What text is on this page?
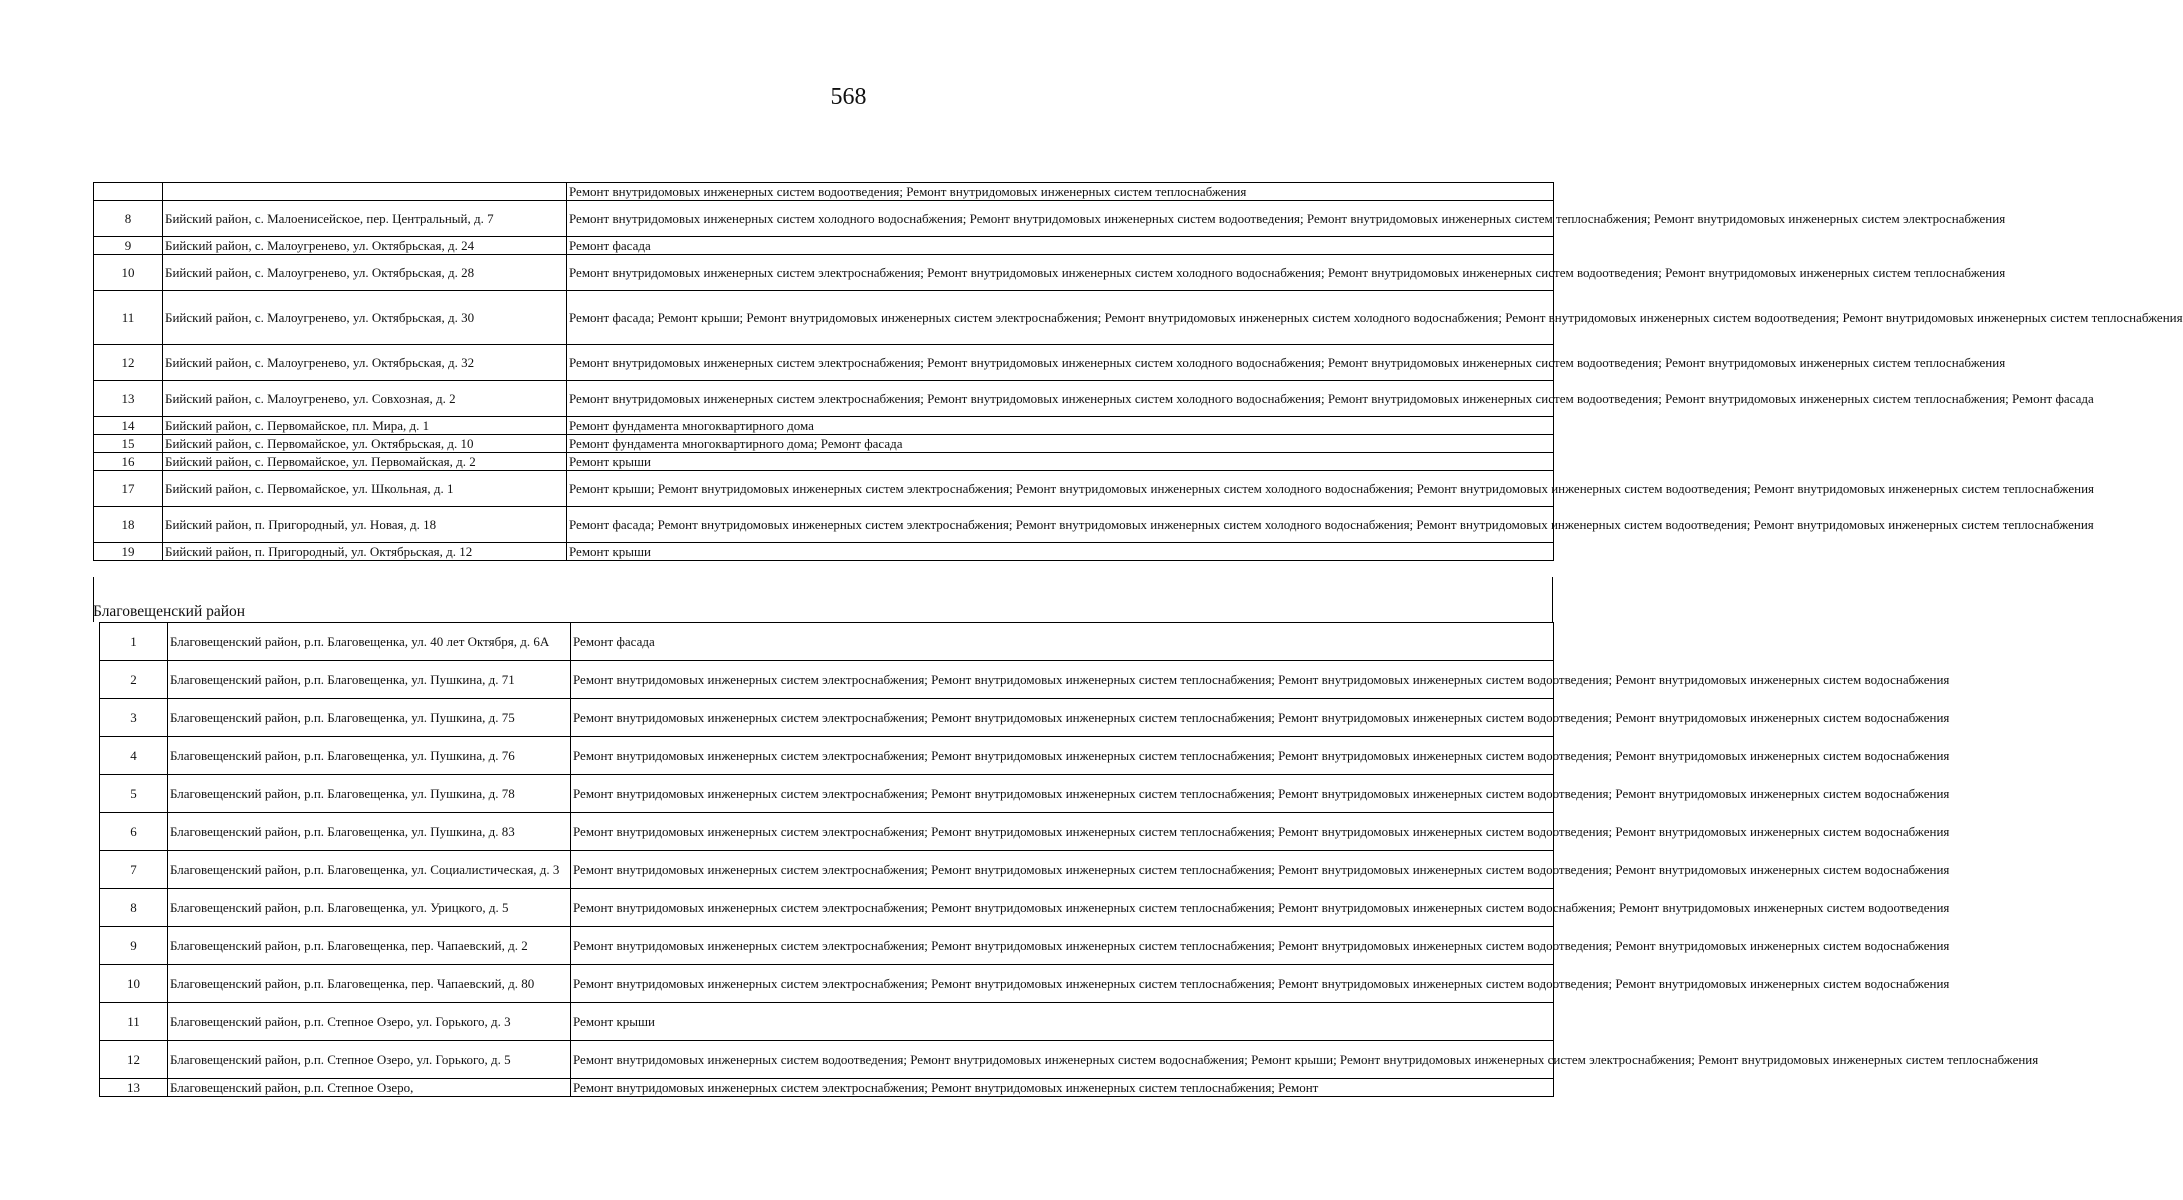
568
		Ремонт внутридомовых инженерных систем водоотведения; Ремонт внутридомовых инженерных систем теплоснабжения
8	Бийский район, с. Малоенисейское, пер. Центральный, д. 7	Ремонт внутридомовых инженерных систем холодного водоснабжения; Ремонт внутридомовых инженерных систем водоотведения; Ремонт внутридомовых инженерных систем теплоснабжения; Ремонт внутридомовых инженерных систем электроснабжения
9	Бийский район, с. Малоугренево, ул. Октябрьская, д. 24	Ремонт фасада
10	Бийский район, с. Малоугренево, ул. Октябрьская, д. 28	Ремонт внутридомовых инженерных систем электроснабжения; Ремонт внутридомовых инженерных систем холодного водоснабжения; Ремонт внутридомовых инженерных систем водоотведения; Ремонт внутридомовых инженерных систем теплоснабжения
11	Бийский район, с. Малоугренево, ул. Октябрьская, д. 30	Ремонт фасада; Ремонт крыши; Ремонт внутридомовых инженерных систем электроснабжения; Ремонт внутридомовых инженерных систем холодного водоснабжения; Ремонт внутридомовых инженерных систем водоотведения; Ремонт внутридомовых инженерных систем теплоснабжения
12	Бийский район, с. Малоугренево, ул. Октябрьская, д. 32	Ремонт внутридомовых инженерных систем электроснабжения; Ремонт внутридомовых инженерных систем холодного водоснабжения; Ремонт внутридомовых инженерных систем водоотведения; Ремонт внутридомовых инженерных систем теплоснабжения
13	Бийский район, с. Малоугренево, ул. Совхозная, д. 2	Ремонт внутридомовых инженерных систем электроснабжения; Ремонт внутридомовых инженерных систем холодного водоснабжения; Ремонт внутридомовых инженерных систем водоотведения; Ремонт внутридомовых инженерных систем теплоснабжения; Ремонт фасада
14	Бийский район, с. Первомайское, пл. Мира, д. 1	Ремонт фундамента многоквартирного дома
15	Бийский район, с. Первомайское, ул. Октябрьская, д. 10	Ремонт фундамента многоквартирного дома; Ремонт фасада
16	Бийский район, с. Первомайское, ул. Первомайская, д. 2	Ремонт крыши
17	Бийский район, с. Первомайское, ул. Школьная, д. 1	Ремонт крыши; Ремонт внутридомовых инженерных систем электроснабжения; Ремонт внутридомовых инженерных систем холодного водоснабжения; Ремонт внутридомовых инженерных систем водоотведения; Ремонт внутридомовых инженерных систем теплоснабжения
18	Бийский район, п. Пригородный, ул. Новая, д. 18	Ремонт фасада; Ремонт внутридомовых инженерных систем электроснабжения; Ремонт внутридомовых инженерных систем холодного водоснабжения; Ремонт внутридомовых инженерных систем водоотведения; Ремонт внутридомовых инженерных систем теплоснабжения
19	Бийский район, п. Пригородный, ул. Октябрьская, д. 12	Ремонт крыши
Благовещенский район
1	Благовещенский район, р.п. Благовещенка, ул. 40 лет Октября, д. 6А	Ремонт фасада
2	Благовещенский район, р.п. Благовещенка, ул. Пушкина, д. 71	Ремонт внутридомовых инженерных систем электроснабжения; Ремонт внутридомовых инженерных систем теплоснабжения; Ремонт внутридомовых инженерных систем водоотведения; Ремонт внутридомовых инженерных систем водоснабжения
3	Благовещенский район, р.п. Благовещенка, ул. Пушкина, д. 75	Ремонт внутридомовых инженерных систем электроснабжения; Ремонт внутридомовых инженерных систем теплоснабжения; Ремонт внутридомовых инженерных систем водоотведения; Ремонт внутридомовых инженерных систем водоснабжения
4	Благовещенский район, р.п. Благовещенка, ул. Пушкина, д. 76	Ремонт внутридомовых инженерных систем электроснабжения; Ремонт внутридомовых инженерных систем теплоснабжения; Ремонт внутридомовых инженерных систем водоотведения; Ремонт внутридомовых инженерных систем водоснабжения
5	Благовещенский район, р.п. Благовещенка, ул. Пушкина, д. 78	Ремонт внутридомовых инженерных систем электроснабжения; Ремонт внутридомовых инженерных систем теплоснабжения; Ремонт внутридомовых инженерных систем водоотведения; Ремонт внутридомовых инженерных систем водоснабжения
6	Благовещенский район, р.п. Благовещенка, ул. Пушкина, д. 83	Ремонт внутридомовых инженерных систем электроснабжения; Ремонт внутридомовых инженерных систем теплоснабжения; Ремонт внутридомовых инженерных систем водоотведения; Ремонт внутридомовых инженерных систем водоснабжения
7	Благовещенский район, р.п. Благовещенка, ул. Социалистическая, д. 3	Ремонт внутридомовых инженерных систем электроснабжения; Ремонт внутридомовых инженерных систем теплоснабжения; Ремонт внутридомовых инженерных систем водоотведения; Ремонт внутридомовых инженерных систем водоснабжения
8	Благовещенский район, р.п. Благовещенка, ул. Урицкого, д. 5	Ремонт внутридомовых инженерных систем электроснабжения; Ремонт внутридомовых инженерных систем теплоснабжения; Ремонт внутридомовых инженерных систем водоснабжения; Ремонт внутридомовых инженерных систем водоотведения
9	Благовещенский район, р.п. Благовещенка, пер. Чапаевский, д. 2	Ремонт внутридомовых инженерных систем электроснабжения; Ремонт внутридомовых инженерных систем теплоснабжения; Ремонт внутридомовых инженерных систем водоотведения; Ремонт внутридомовых инженерных систем водоснабжения
10	Благовещенский район, р.п. Благовещенка, пер. Чапаевский, д. 80	Ремонт внутридомовых инженерных систем электроснабжения; Ремонт внутридомовых инженерных систем теплоснабжения; Ремонт внутридомовых инженерных систем водоотведения; Ремонт внутридомовых инженерных систем водоснабжения
11	Благовещенский район, р.п. Степное Озеро, ул. Горького, д. 3	Ремонт крыши
12	Благовещенский район, р.п. Степное Озеро, ул. Горького, д. 5	Ремонт внутридомовых инженерных систем водоотведения; Ремонт внутридомовых инженерных систем водоснабжения; Ремонт крыши; Ремонт внутридомовых инженерных систем электроснабжения; Ремонт внутридомовых инженерных систем теплоснабжения
13	Благовещенский район, р.п. Степное Озеро,	Ремонт внутридомовых инженерных систем электроснабжения; Ремонт внутридомовых инженерных систем теплоснабжения; Ремонт
